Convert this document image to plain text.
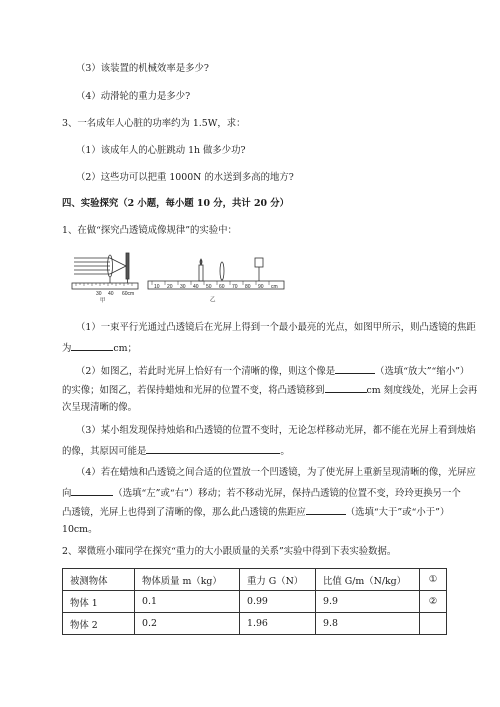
（3）该装置的机械效率是多少?
（4）动滑轮的重力是多少?
3、一名成年人心脏的功率约为 1.5W，求：
（1）该成年人的心脏跳动 1h 做多少功?
（2）这些功可以把重 1000N 的水送到多高的地方?
四、实验探究（2 小题，每小题 10 分，共计 20 分）
1、在做“探究凸透镜成像规律”的实验中：
30 40 60cm
甲
10 20 30 40 50 60 70 80 90 cm
乙
（1）一束平行光通过凸透镜后在光屏上得到一个最小最亮的光点，如图甲所示，则凸透镜的焦距
为	cm；
（2）如图乙，若此时光屏上恰好有一个清晰的像，则这个像是	（选填“放大”“缩小”）
的实像；如图乙，若保持蜡烛和光屏的位置不变，将凸透镜移到	cm 刻度线处，光屏上会再
次呈现清晰的像。
（3）某小组发现保持烛焰和凸透镜的位置不变时，无论怎样移动光屏，都不能在光屏上看到烛焰
的像，其原因可能是	。
（4）若在蜡烛和凸透镜之间合适的位置放一个凹透镜，为了使光屏上重新呈现清晰的像，光屏应
向	（选填“左”或“右”）移动；若不移动光屏，保持凸透镜的位置不变，玲玲更换另一个
凸透镜，光屏上也得到了清晰的像，那么此凸透镜的焦距应	（选填“大于”或“小于”）
10cm。
2、翠微班小璀同学在探究“重力的大小跟质量的关系”实验中得到下表实验数据。
被测物体	物体质量 m（kg）	重力 G（N）	比值 G/m（N/kg）	①
物体 1	0.1	0.99	9.9	②
物体 2	0.2	1.96	9.8	
